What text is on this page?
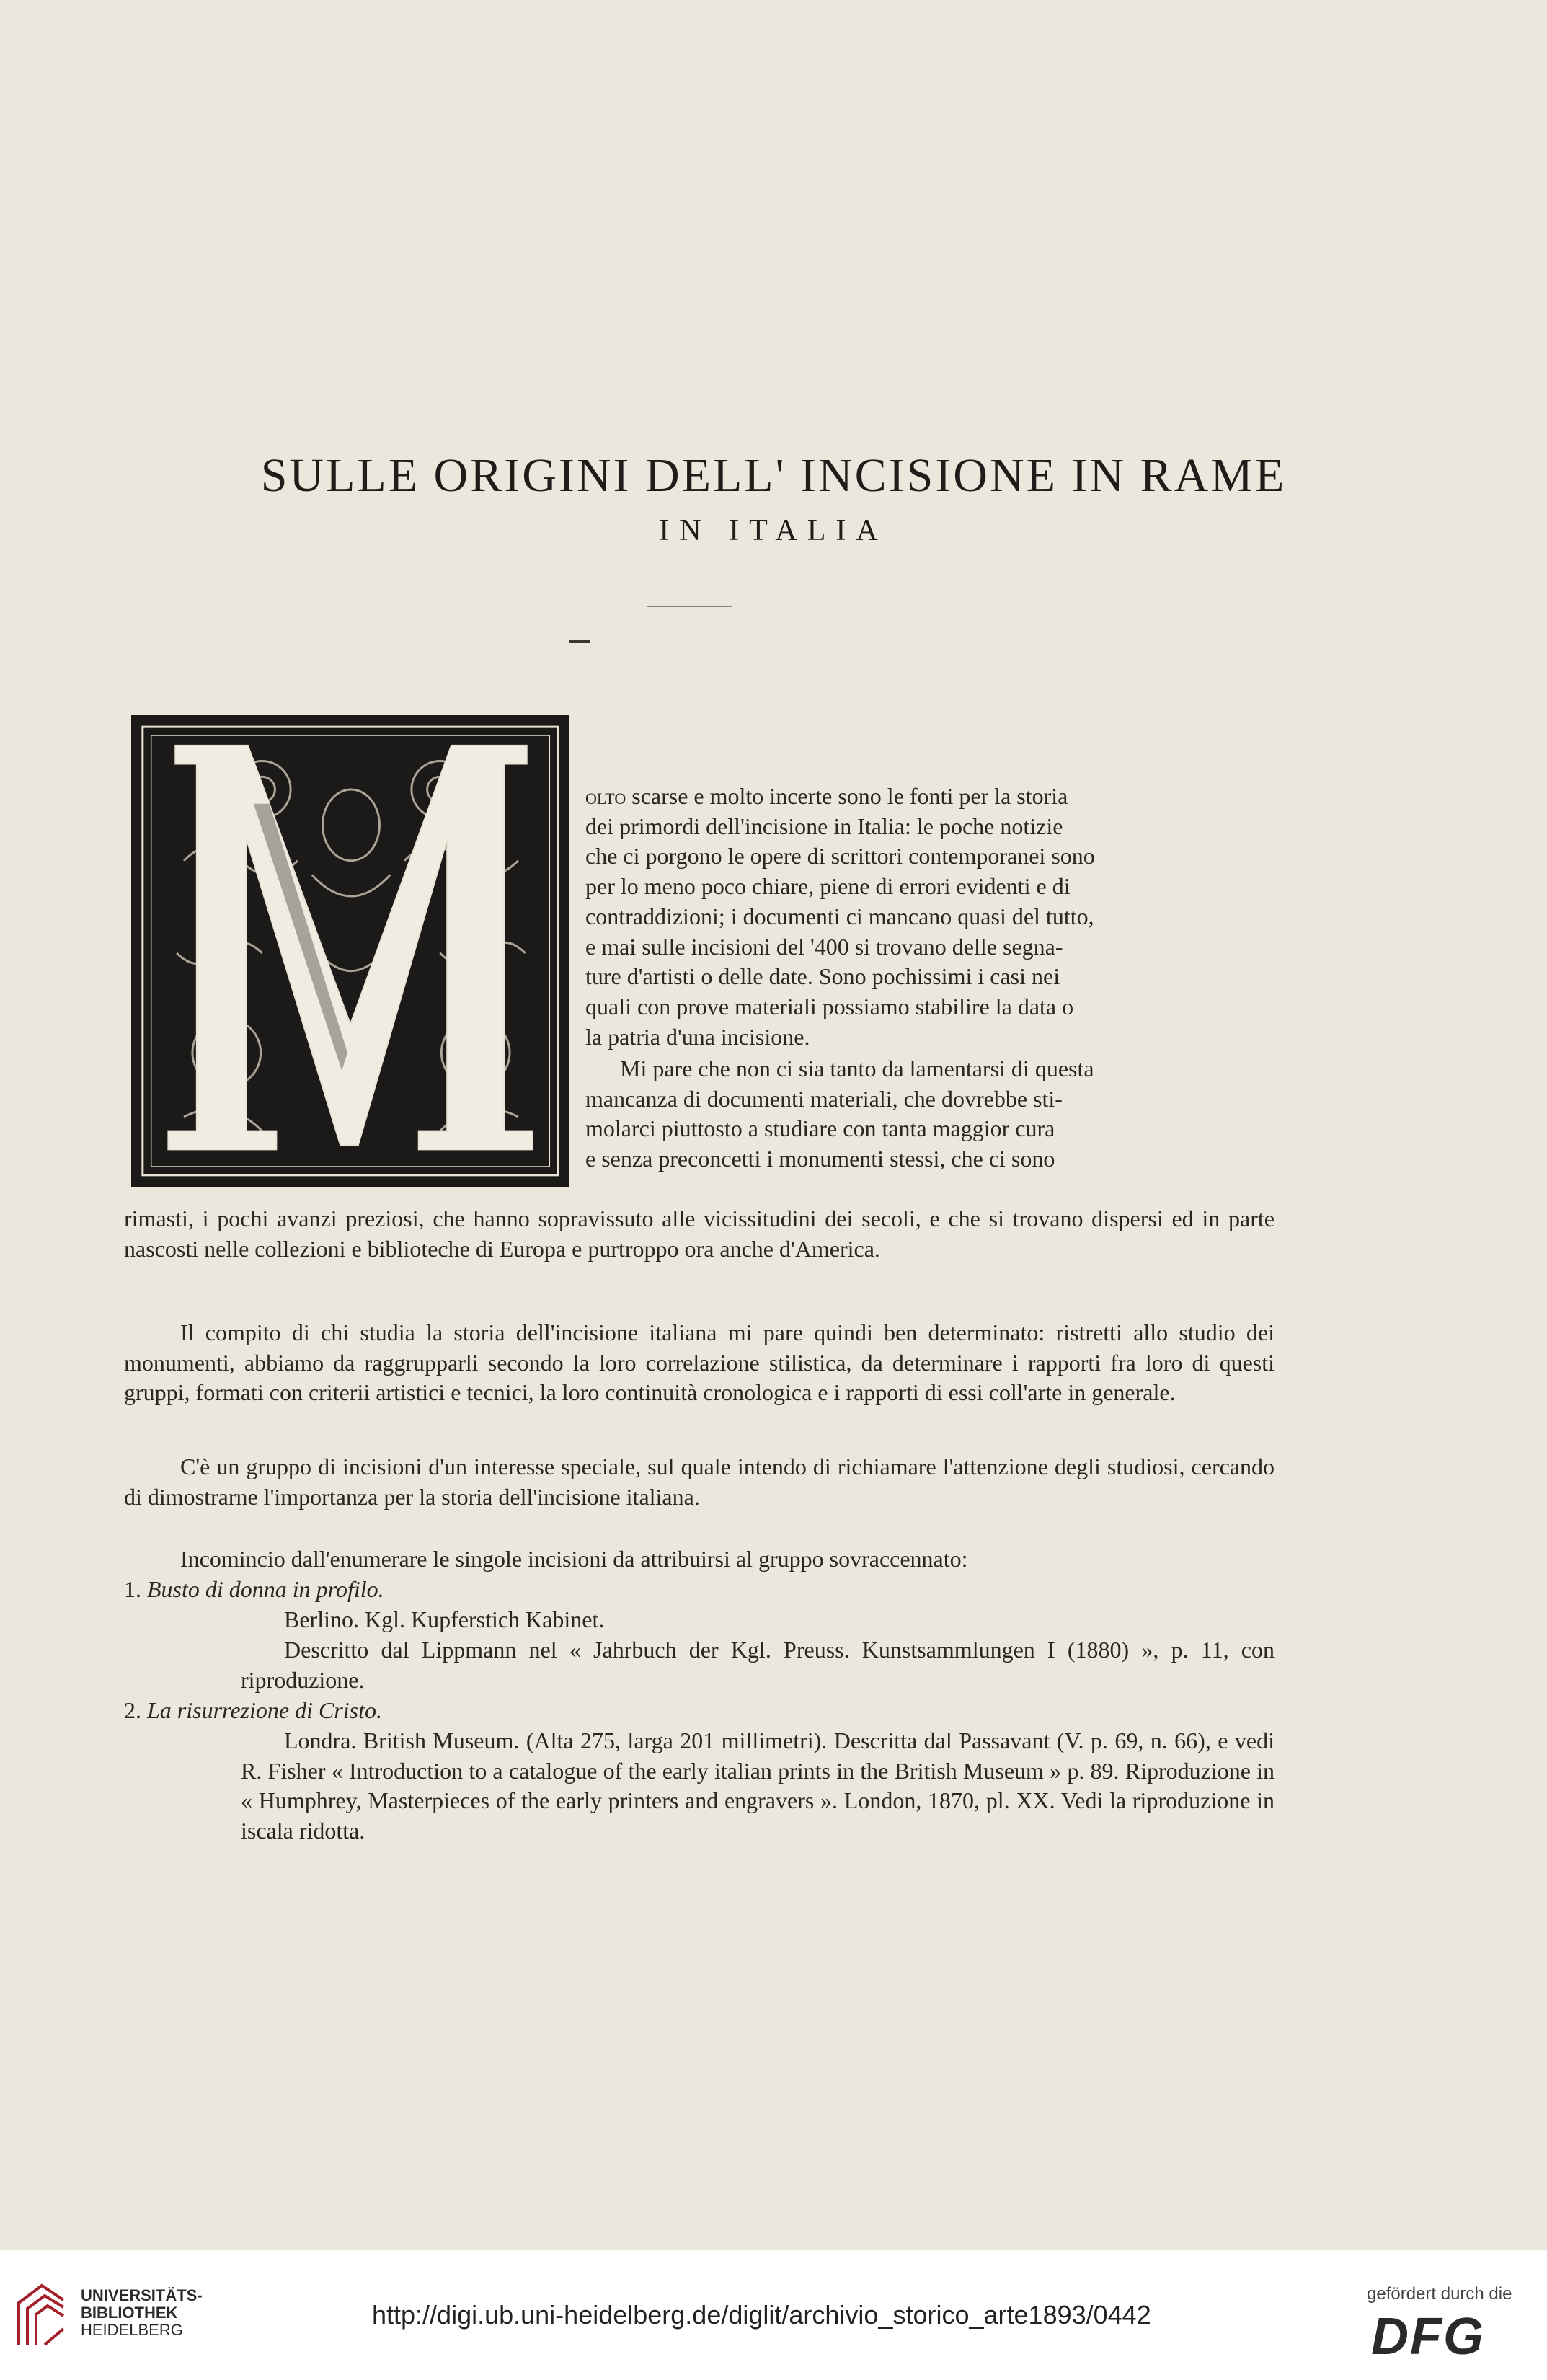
SULLE ORIGINI DELL' INCISIONE IN RAME
IN ITALIA
olto scarse e molto incerte sono le fonti per la storia
dei primordi dell'incisione in Italia: le poche notizie
che ci porgono le opere di scrittori contemporanei sono
per lo meno poco chiare, piene di errori evidenti e di
contraddizioni; i documenti ci mancano quasi del tutto,
e mai sulle incisioni del '400 si trovano delle segna-
ture d'artisti o delle date. Sono pochissimi i casi nei
quali con prove materiali possiamo stabilire la data o
la patria d'una incisione.
Mi pare che non ci sia tanto da lamentarsi di questa
mancanza di documenti materiali, che dovrebbe sti-
molarci piuttosto a studiare con tanta maggior cura
e senza preconcetti i monumenti stessi, che ci sono

rimasti, i pochi avanzi preziosi, che hanno sopravissuto alle vicissitudini dei secoli, e che si trovano dispersi ed in parte nascosti nelle collezioni e biblioteche di Europa e purtroppo ora anche d'America.

Il compito di chi studia la storia dell'incisione italiana mi pare quindi ben determinato: ristretti allo studio dei monumenti, abbiamo da raggrupparli secondo la loro correlazione stilistica, da determinare i rapporti fra loro di questi gruppi, formati con criterii artistici e tecnici, la loro continuità cronologica e i rapporti di essi coll'arte in generale.

C'è un gruppo di incisioni d'un interesse speciale, sul quale intendo di richiamare l'attenzione degli studiosi, cercando di dimostrarne l'importanza per la storia dell'incisione italiana.

Incomincio dall'enumerare le singole incisioni da attribuirsi al gruppo sovraccennato:

1. Busto di donna in profilo.
Berlino. Kgl. Kupferstich Kabinet.

Descritto dal Lippmann nel « Jahrbuch der Kgl. Preuss. Kunstsammlungen I (1880) », p. 11, con riproduzione.

2. La risurrezione di Cristo.

Londra. British Museum. (Alta 275, larga 201 millimetri). Descritta dal Passavant (V. p. 69, n. 66), e vedi R. Fisher « Introduction to a catalogue of the early italian prints in the British Museum » p. 89. Riproduzione in « Humphrey, Masterpieces of the early printers and engravers ». London, 1870, pl. XX. Vedi la riproduzione in iscala ridotta.

UNIVERSITÄTS-
BIBLIOTHEK
HEIDELBERG
http://digi.ub.uni-heidelberg.de/diglit/archivio_storico_arte1893/0442
gefördert durch die
DFG
